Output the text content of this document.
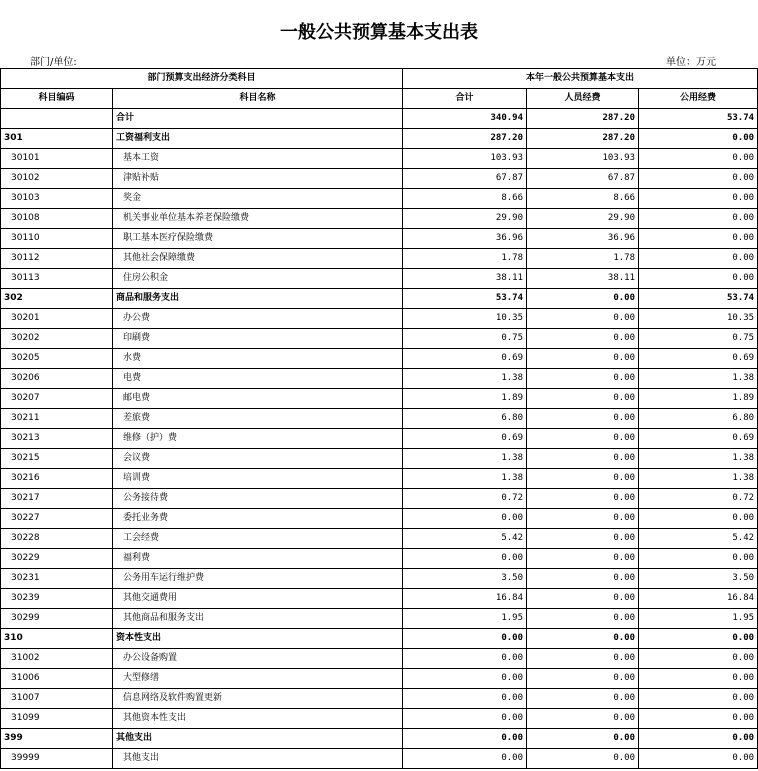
一般公共预算基本支出表
部门/单位:	单位：万元
部门预算支出经济分类科目		本年一般公共预算基本支出		
科目编码	科目名称	合计	人员经费	公用经费
	合计	340.94	287.20	53.74
301	工资福利支出	287.20	287.20	0.00
30101	基本工资	103.93	103.93	0.00
30102	津贴补贴	67.87	67.87	0.00
30103	奖金	8.66	8.66	0.00
30108	机关事业单位基本养老保险缴费	29.90	29.90	0.00
30110	职工基本医疗保险缴费	36.96	36.96	0.00
30112	其他社会保障缴费	1.78	1.78	0.00
30113	住房公积金	38.11	38.11	0.00
302	商品和服务支出	53.74	0.00	53.74
30201	办公费	10.35	0.00	10.35
30202	印刷费	0.75	0.00	0.75
30205	水费	0.69	0.00	0.69
30206	电费	1.38	0.00	1.38
30207	邮电费	1.89	0.00	1.89
30211	差旅费	6.80	0.00	6.80
30213	维修（护）费	0.69	0.00	0.69
30215	会议费	1.38	0.00	1.38
30216	培训费	1.38	0.00	1.38
30217	公务接待费	0.72	0.00	0.72
30227	委托业务费	0.00	0.00	0.00
30228	工会经费	5.42	0.00	5.42
30229	福利费	0.00	0.00	0.00
30231	公务用车运行维护费	3.50	0.00	3.50
30239	其他交通费用	16.84	0.00	16.84
30299	其他商品和服务支出	1.95	0.00	1.95
310	资本性支出	0.00	0.00	0.00
31002	办公设备购置	0.00	0.00	0.00
31006	大型修缮	0.00	0.00	0.00
31007	信息网络及软件购置更新	0.00	0.00	0.00
31099	其他资本性支出	0.00	0.00	0.00
399	其他支出	0.00	0.00	0.00
39999	其他支出	0.00	0.00	0.00
